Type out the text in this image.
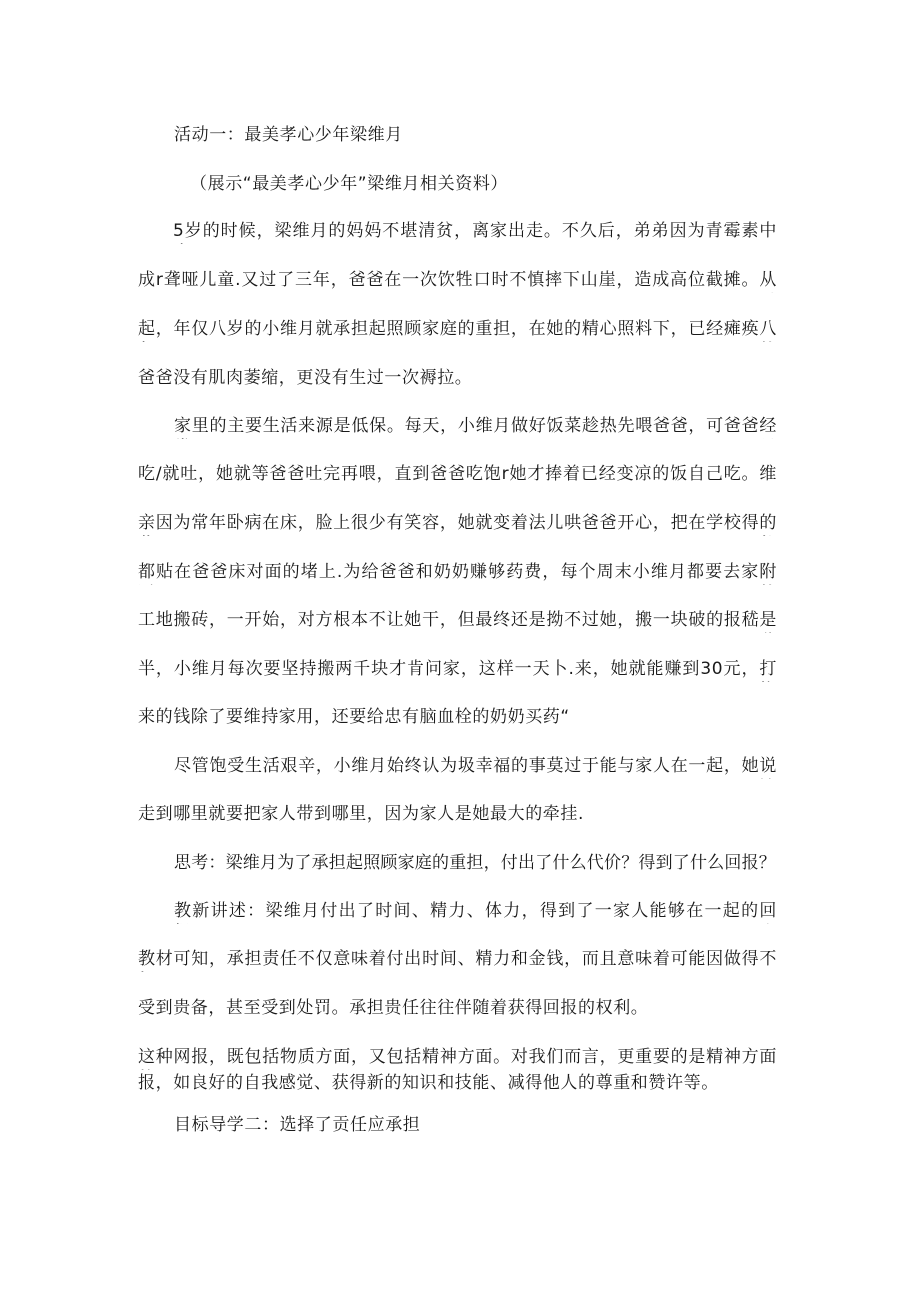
活动一：最美孝心少年梁维月

（展示“最美孝心少年”梁维月相关资料）

5岁的时候，梁维月的妈妈不堪清贫，离家出走。不久后，弟弟因为青霉素中

成r聋哑儿童.又过了三年，爸爸在一次饮牲口时不慎摔下山崖，造成高位截摊。从

起，年仅八岁的小维月就承担起照顾家庭的重担，在她的精心照料下，已经瘫痪八

爸爸没有肌肉萎缩，更没有生过一次褥拉。

家里的主要生活来源是低保。每天，小维月做好饭菜趁热先喂爸爸，可爸爸经

吃/就吐，她就等爸爸吐完再喂，直到爸爸吃饱r她才捧着已经变凉的饭自己吃。维

亲因为常年卧病在床，脸上很少有笑容，她就变着法儿哄爸爸开心，把在学校得的

都贴在爸爸床对面的堵上.为给爸爸和奶奶赚够药费，每个周末小维月都要去家附

工地搬砖，一开始，对方根本不让她干，但最终还是拗不过她，搬一块破的报嵇是

半，小维月每次要坚持搬两千块才肯问家，这样一天卜.来，她就能赚到30元，打

来的钱除了要维持家用，还要给忠有脑血栓的奶奶买药“

尽管饱受生活艰辛，小维月始终认为圾幸福的事莫过于能与家人在一起，她说

走到哪里就要把家人带到哪里，因为家人是她最大的牵挂.

思考：梁维月为了承担起照顾家庭的重担，付出了什么代价？得到了什么回报？

教新讲述：梁维月付出了时间、精力、体力，得到了一家人能够在一起的回

教材可知，承担责任不仅意味着付出时间、精力和金钱，而且意味着可能因做得不

受到贵备，甚至受到处罚。承担贵任往往伴随着获得回报的权利。

这种网报，既包括物质方面，又包括精神方面。对我们而言，更重要的是精神方面

报，如良好的自我感觉、获得新的知识和技能、减得他人的尊重和赞许等。

目标导学二：选择了贡任应承担
